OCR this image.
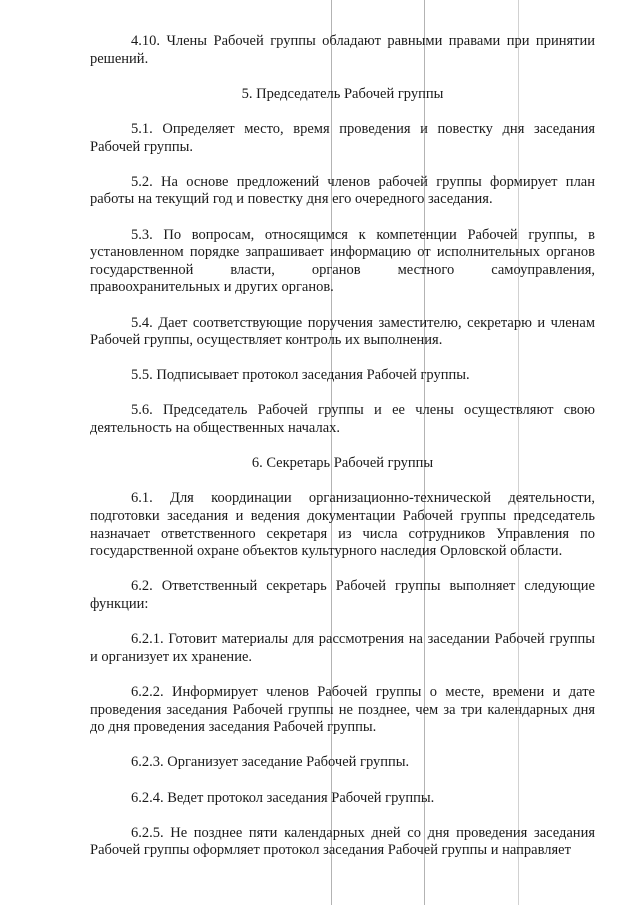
4.10. Члены Рабочей группы обладают равными правами при принятии решений.

5. Председатель Рабочей группы

5.1. Определяет место, время проведения и повестку дня заседания Рабочей группы.

5.2. На основе предложений членов рабочей группы формирует план работы на текущий год и повестку дня его очередного заседания.

5.3. По вопросам, относящимся к компетенции Рабочей группы, в установленном порядке запрашивает информацию от исполнительных органов государственной власти, органов местного самоуправления, правоохранительных и других органов.

5.4. Дает соответствующие поручения заместителю, секретарю и членам Рабочей группы, осуществляет контроль их выполнения.

5.5. Подписывает протокол заседания Рабочей группы.

5.6. Председатель Рабочей группы и ее члены осуществляют свою деятельность на общественных началах.

6. Секретарь Рабочей группы

6.1. Для координации организационно-технической деятельности, подготовки заседания и ведения документации Рабочей группы председатель назначает ответственного секретаря из числа сотрудников Управления по государственной охране объектов культурного наследия Орловской области.

6.2. Ответственный секретарь Рабочей группы выполняет следующие функции:

6.2.1. Готовит материалы для рассмотрения на заседании Рабочей группы и организует их хранение.

6.2.2. Информирует членов Рабочей группы о месте, времени и дате проведения заседания Рабочей группы не позднее, чем за три календарных дня до дня проведения заседания Рабочей группы.

6.2.3. Организует заседание Рабочей группы.

6.2.4. Ведет протокол заседания Рабочей группы.

6.2.5. Не позднее пяти календарных дней со дня проведения заседания Рабочей группы оформляет протокол заседания Рабочей группы и направляет
